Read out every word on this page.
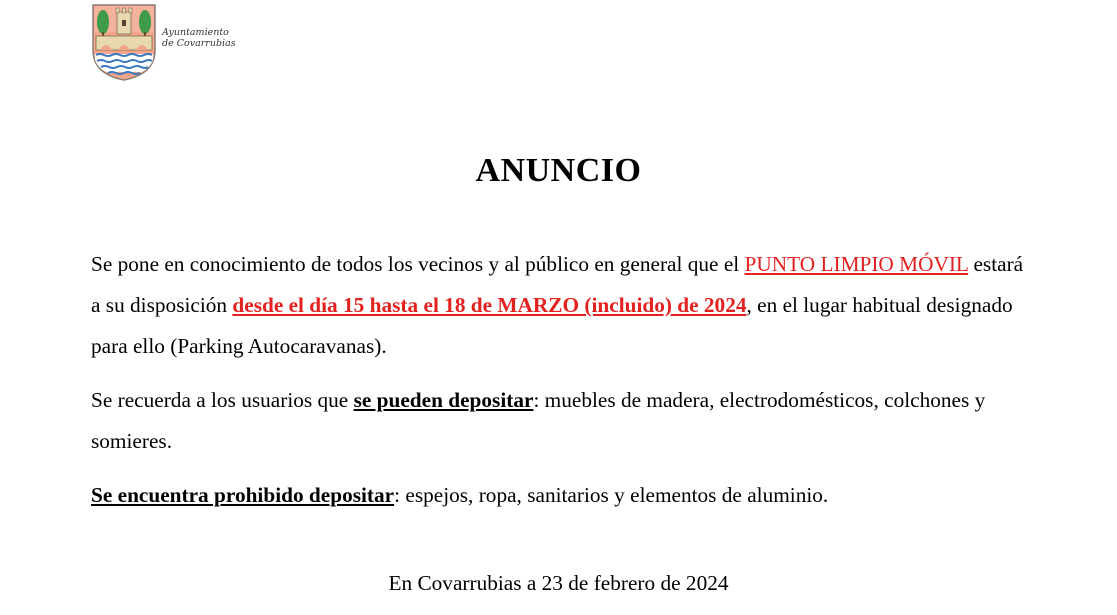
Ayuntamiento
de Covarrubias
ANUNCIO

Se pone en conocimiento de todos los vecinos y al público en general que el PUNTO LIMPIO MÓVIL estará a su disposición desde el día 15 hasta el 18 de MARZO (incluido) de 2024, en el lugar habitual designado para ello (Parking Autocaravanas).

Se recuerda a los usuarios que se pueden depositar: muebles de madera, electrodomésticos, colchones y somieres.

Se encuentra prohibido depositar: espejos, ropa, sanitarios y elementos de aluminio.

En Covarrubias a 23 de febrero de 2024
